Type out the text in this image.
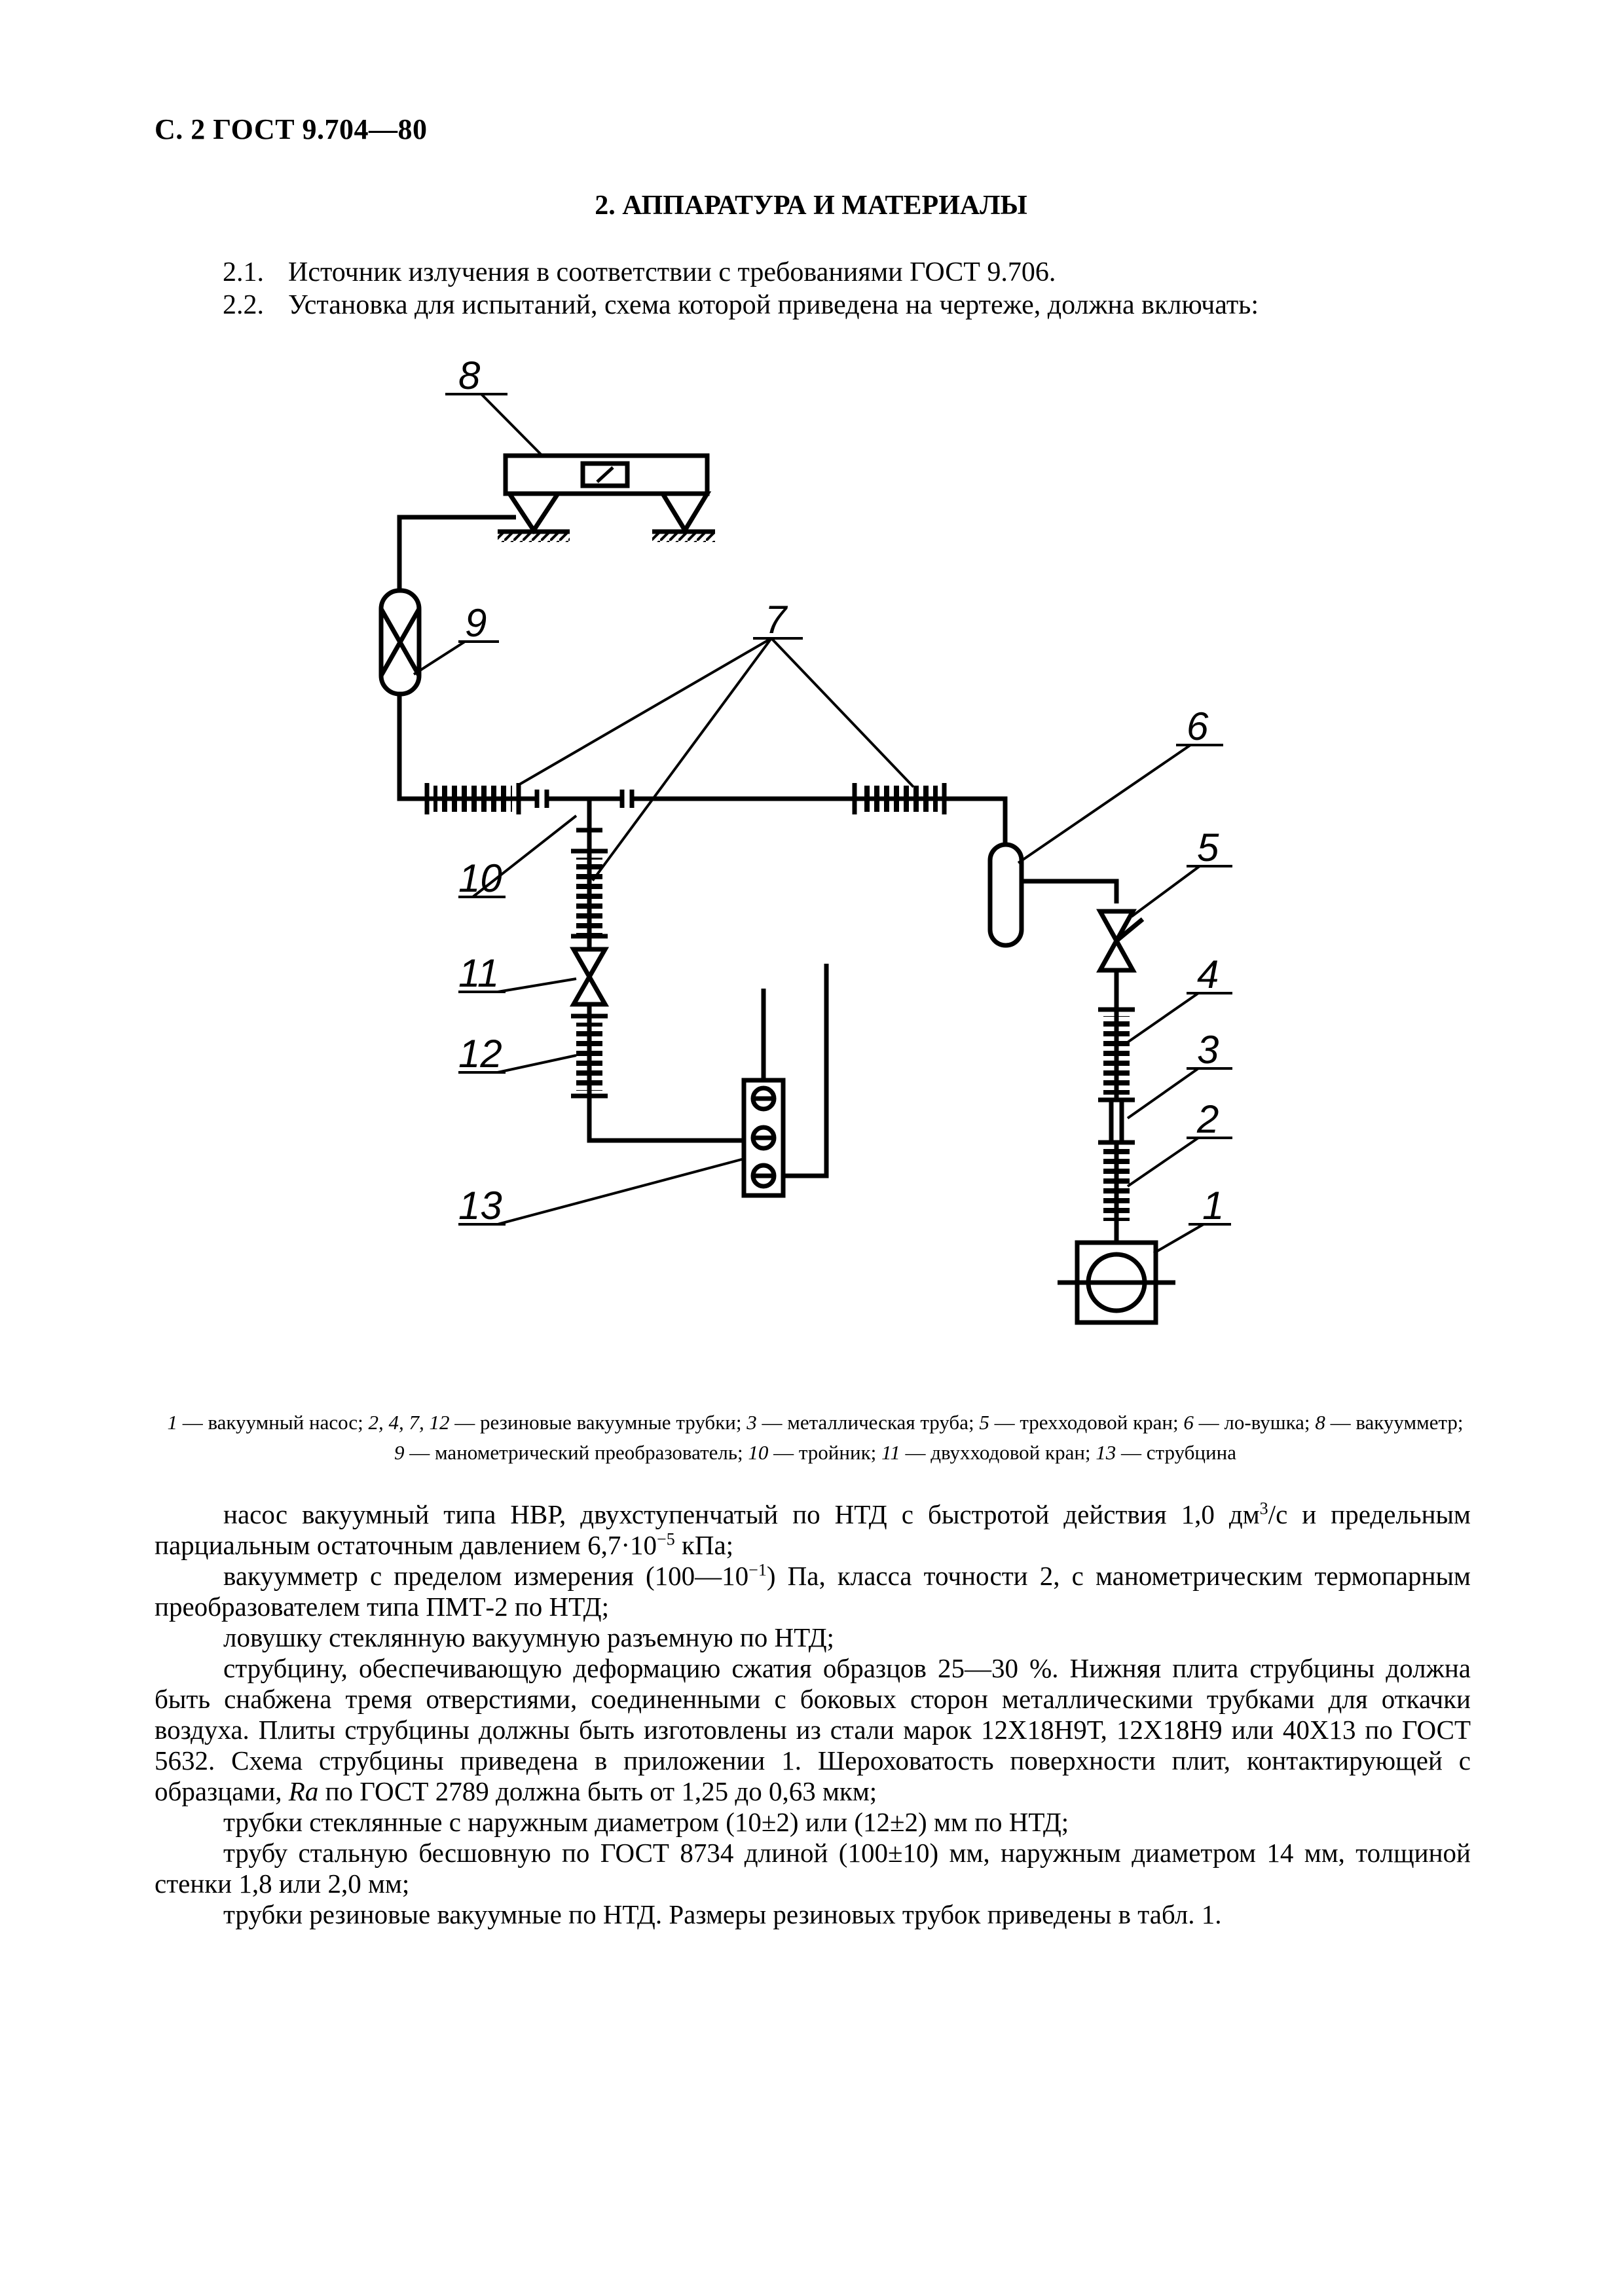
С. 2 ГОСТ 9.704—80
2. АППАРАТУРА И МАТЕРИАЛЫ
2.1. Источник излучения в соответствии с требованиями ГОСТ 9.706.
2.2. Установка для испытаний, схема которой приведена на чертеже, должна включать:
8
9	7
6
5
4
3
2
1
10
11
12
13
1 — вакуумный насос; 2, 4, 7, 12 — резиновые вакуумные трубки; 3 — металлическая труба; 5 — трехходовой кран; 6 — ло-вушка; 8 — вакуумметр; 9 — манометрический преобразователь; 10 — тройник; 11 — двухходовой кран; 13 — струбцина

насос вакуумный типа НВР, двухступенчатый по НТД с быстротой действия 1,0 $дм^3/с$ и предельным парциальным остаточным давлением $6,7\cdot 10^{-5}$ кПа;

вакуумметр с пределом измерения $(100—10^{-1})$ Па, класса точности 2, с манометрическим термопарным преобразователем типа ПМТ-2 по НТД;

ловушку стеклянную вакуумную разъемную по НТД;

струбцину, обеспечивающую деформацию сжатия образцов 25—30 %. Нижняя плита струбцины должна быть снабжена тремя отверстиями, соединенными с боковых сторон металлическими трубками для откачки воздуха. Плиты струбцины должны быть изготовлены из стали марок 12Х18Н9Т, 12Х18Н9 или 40Х13 по ГОСТ 5632. Схема струбцины приведена в приложении 1. Шероховатость поверхности плит, контактирующей с образцами, Ra по ГОСТ 2789 должна быть от 1,25 до 0,63 мкм;

трубки стеклянные с наружным диаметром (10±2) или (12±2) мм по НТД;

трубу стальную бесшовную по ГОСТ 8734 длиной (100±10) мм, наружным диаметром 14 мм, толщиной стенки 1,8 или 2,0 мм;

трубки резиновые вакуумные по НТД. Размеры резиновых трубок приведены в табл. 1.
